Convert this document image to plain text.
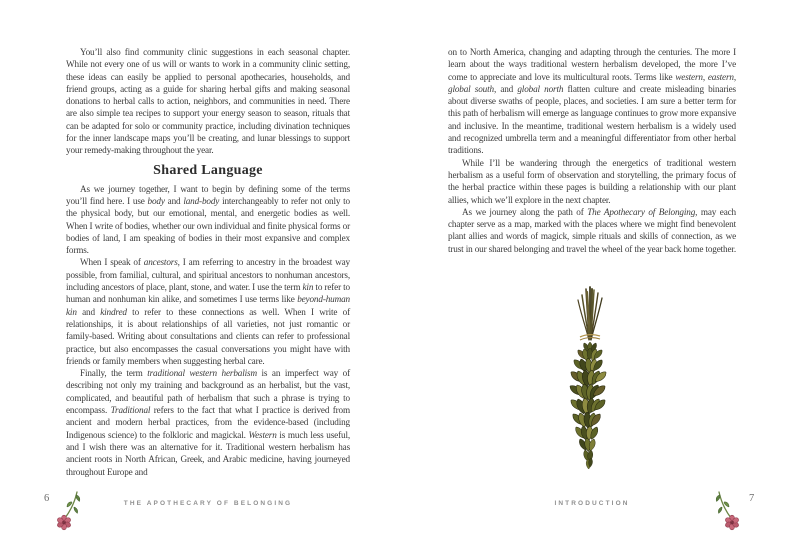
You’ll also find community clinic suggestions in each seasonal chapter. While not every one of us will or wants to work in a community clinic setting, these ideas can easily be applied to personal apothecaries, households, and friend groups, acting as a guide for sharing herbal gifts and making seasonal donations to herbal calls to action, neighbors, and communities in need. There are also simple tea recipes to support your energy season to season, rituals that can be adapted for solo or community practice, including divination techniques for the inner landscape maps you’ll be creating, and lunar blessings to support your remedy-making throughout the year.

Shared Language

As we journey together, I want to begin by defining some of the terms you’ll find here. I use body and land-body interchangeably to refer not only to the physical body, but our emotional, mental, and energetic bodies as well. When I write of bodies, whether our own individual and finite physical forms or bodies of land, I am speaking of bodies in their most expansive and complex forms.

When I speak of ancestors, I am referring to ancestry in the broadest way possible, from familial, cultural, and spiritual ancestors to nonhuman ancestors, including ancestors of place, plant, stone, and water. I use the term kin to refer to human and nonhuman kin alike, and sometimes I use terms like beyond-human kin and kindred to refer to these connections as well. When I write of relationships, it is about relationships of all varieties, not just romantic or family-based. Writing about consultations and clients can refer to professional practice, but also encompasses the casual conversations you might have with friends or family members when suggesting herbal care.

Finally, the term traditional western herbalism is an imperfect way of describing not only my training and background as an herbalist, but the vast, complicated, and beautiful path of herbalism that such a phrase is trying to encompass. Traditional refers to the fact that what I practice is derived from ancient and modern herbal practices, from the evidence-based (including Indigenous science) to the folkloric and magickal. Western is much less useful, and I wish there was an alternative for it. Traditional western herbalism has ancient roots in North African, Greek, and Arabic medicine, having journeyed throughout Europe and

on to North America, changing and adapting through the centuries. The more I learn about the ways traditional western herbalism developed, the more I’ve come to appreciate and love its multicultural roots. Terms like western, eastern, global south, and global north flatten culture and create misleading binaries about diverse swaths of people, places, and societies. I am sure a better term for this path of herbalism will emerge as language continues to grow more expansive and inclusive. In the meantime, traditional western herbalism is a widely used and recognized umbrella term and a meaningful differentiator from other herbal traditions.

While I’ll be wandering through the energetics of traditional western herbalism as a useful form of observation and storytelling, the primary focus of the herbal practice within these pages is building a relationship with our plant allies, which we’ll explore in the next chapter.

As we journey along the path of The Apothecary of Belonging, may each chapter serve as a map, marked with the places where we might find benevolent plant allies and words of magick, simple rituals and skills of connection, as we trust in our shared belonging and travel the wheel of the year back home together.

6	THE APOTHECARY OF BELONGING	INTRODUCTION	7
